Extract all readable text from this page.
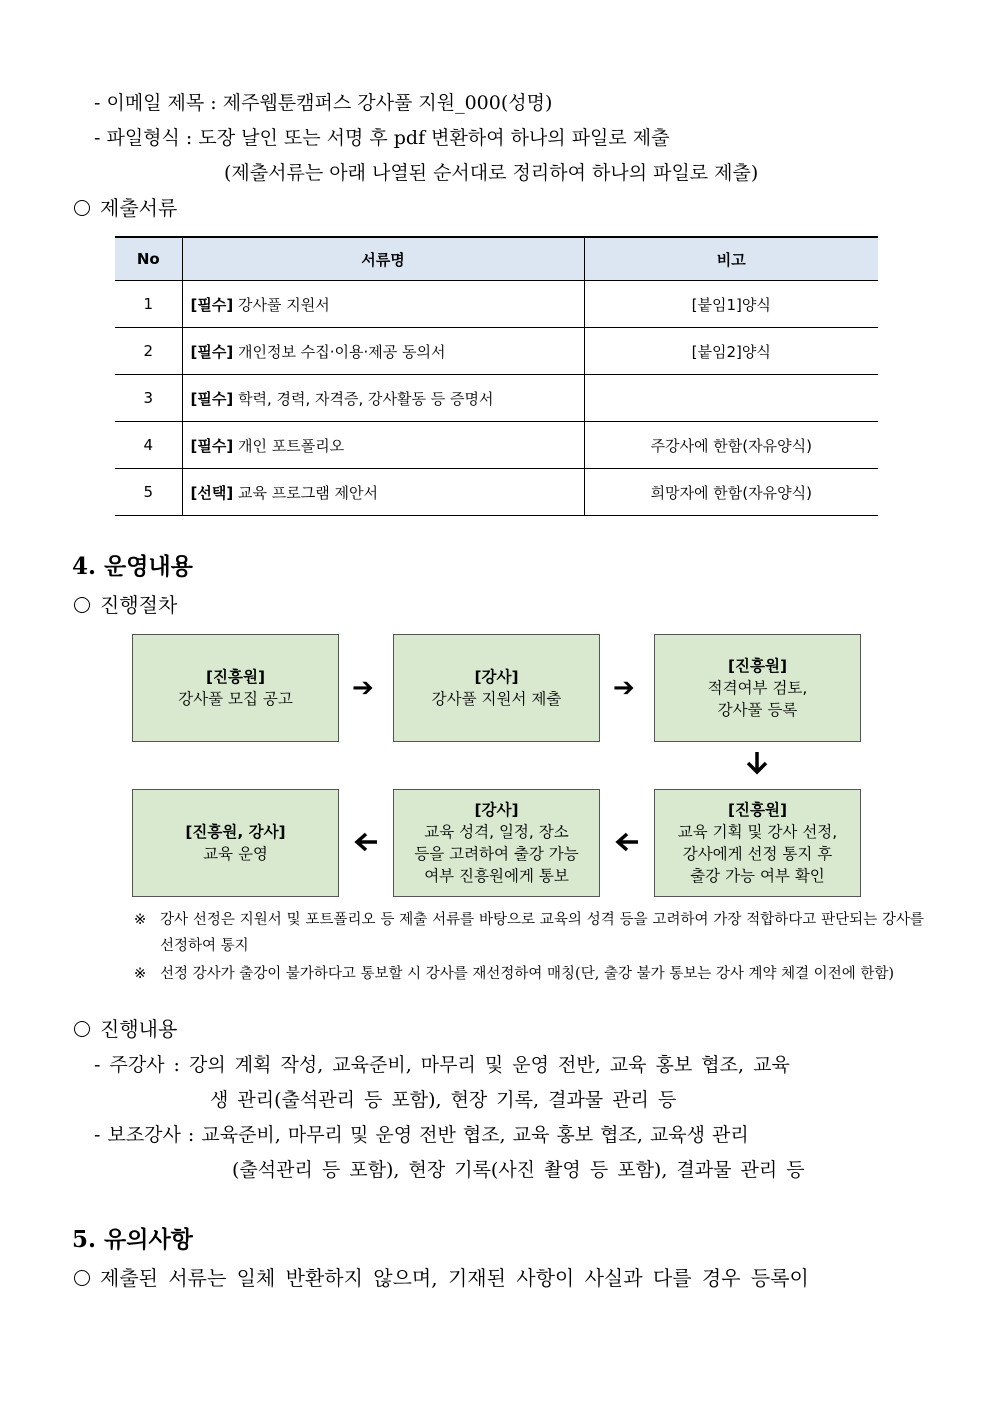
- 이메일 제목 : 제주웹툰캠퍼스 강사풀 지원_000(성명)
- 파일형식 : 도장 날인 또는 서명 후 pdf 변환하여 하나의 파일로 제출
(제출서류는 아래 나열된 순서대로 정리하여 하나의 파일로 제출)
제출서류
No	서류명	비고
1	[필수] 강사풀 지원서	[붙임1]양식
2	[필수] 개인정보 수집·이용·제공 동의서	[붙임2]양식
3	[필수] 학력, 경력, 자격증, 강사활동 등 증명서	
4	[필수] 개인 포트폴리오	주강사에 한함(자유양식)
5	[선택] 교육 프로그램 제안서	희망자에 한함(자유양식)
4. 운영내용
진행절차
[진흥원]
강사풀 모집 공고 ➔	[강사]
강사풀 지원서 제출 ➔
[진흥원]
적격여부 검토,
강사풀 등록
[진흥원, 강사]
교육 운영
[강사]
교육 성격, 일정, 장소
등을 고려하여 출강 가능
여부 진흥원에게 통보
[진흥원]
교육 기획 및 강사 선정,
강사에게 선정 통지 후
출강 가능 여부 확인
※ 강사 선정은 지원서 및 포트폴리오 등 제출 서류를 바탕으로 교육의 성격 등을 고려하여 가장 적합하다고 판단되는 강사를 선정하여 통지
※ 선정 강사가 출강이 불가하다고 통보할 시 강사를 재선정하여 매칭(단, 출강 불가 통보는 강사 계약 체결 이전에 한함)
진행내용
- 주강사 : 강의 계획 작성, 교육준비, 마무리 및 운영 전반, 교육 홍보 협조, 교육
생 관리(출석관리 등 포함), 현장 기록, 결과물 관리 등
- 보조강사 : 교육준비, 마무리 및 운영 전반 협조, 교육 홍보 협조, 교육생 관리
(출석관리 등 포함), 현장 기록(사진 촬영 등 포함), 결과물 관리 등
5. 유의사항
제출된 서류는 일체 반환하지 않으며, 기재된 사항이 사실과 다를 경우 등록이
